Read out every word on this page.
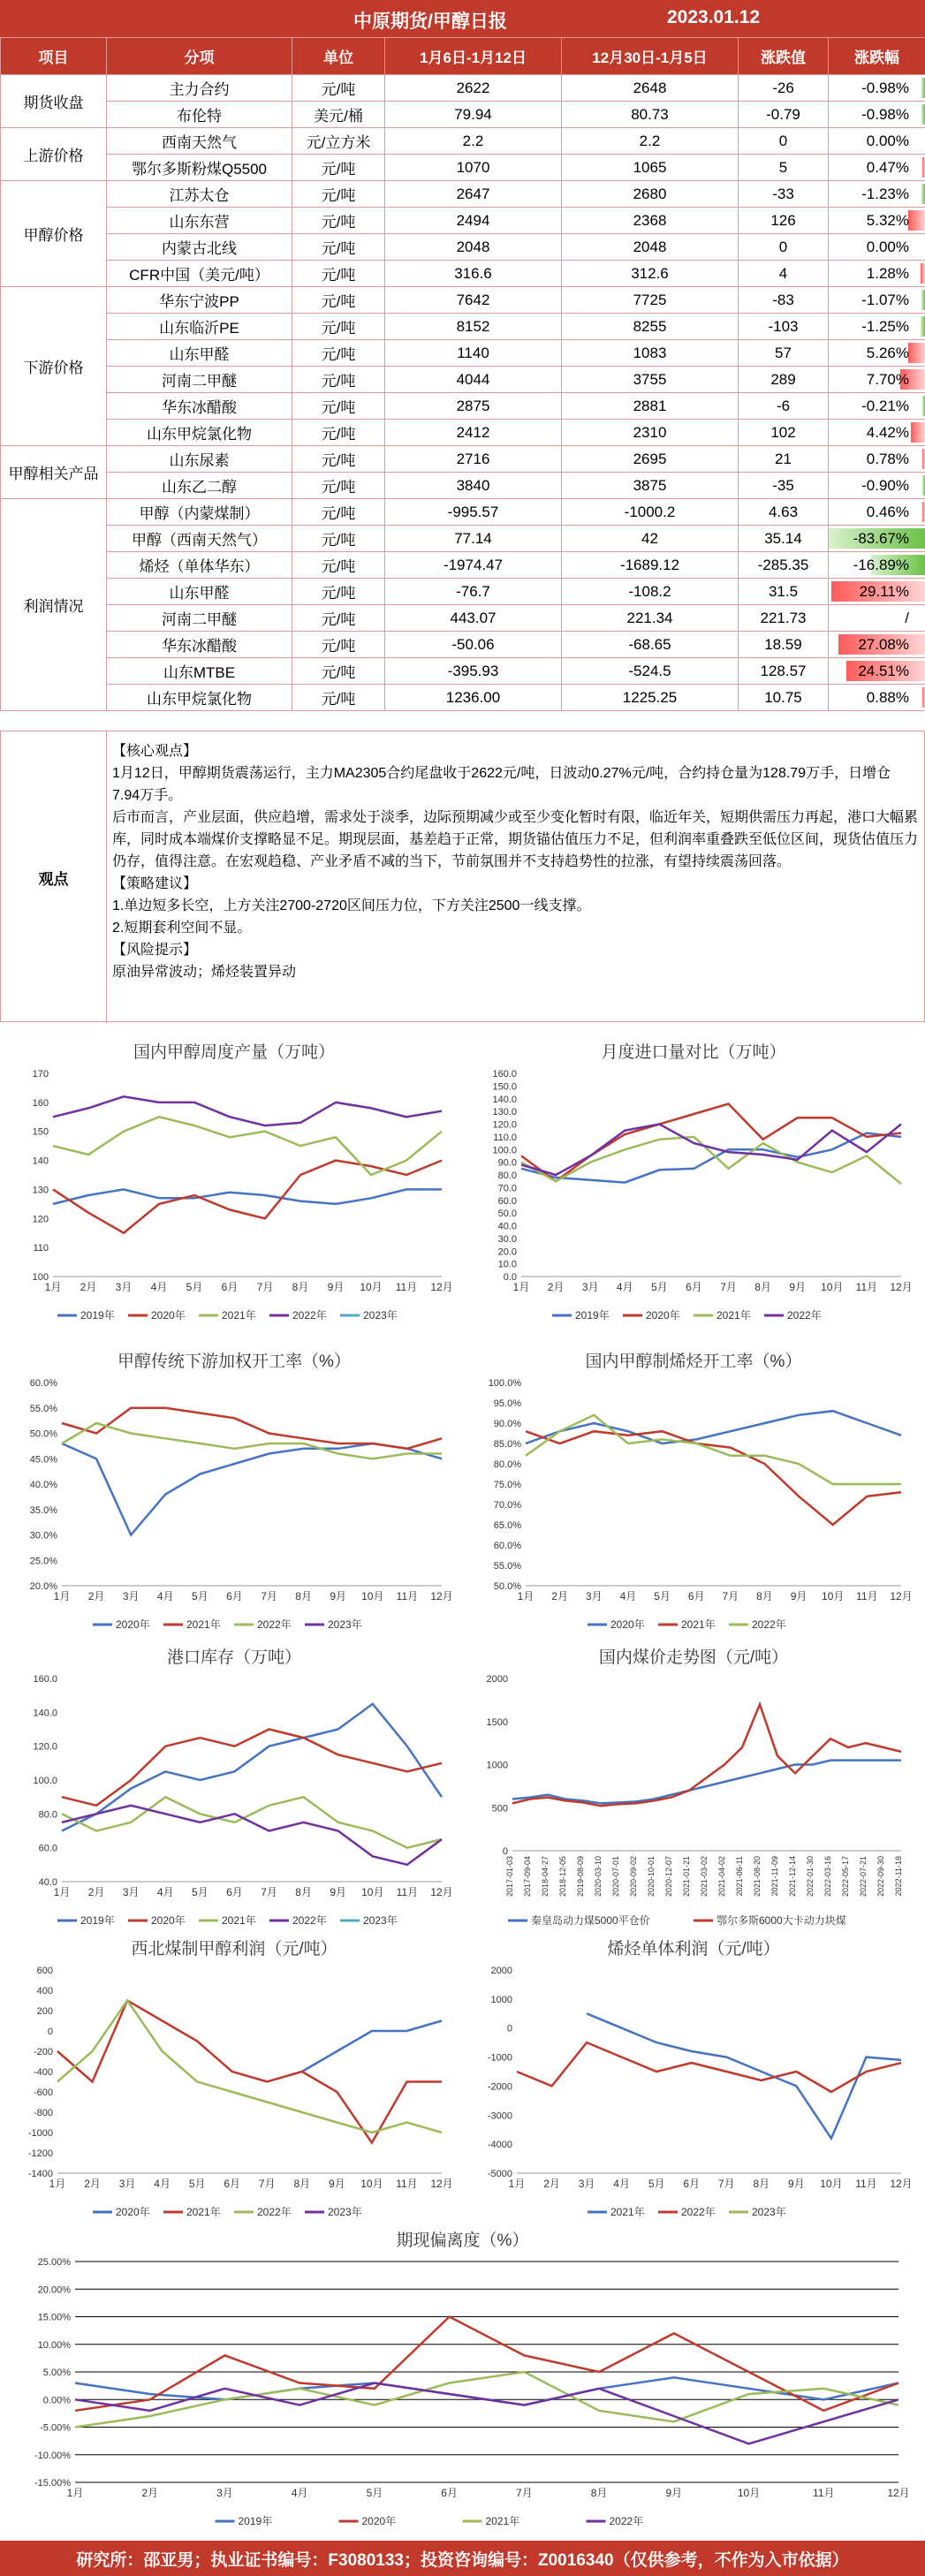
中原期货/甲醇日报	2023.01.12
项目	分项	单位	1月6日-1月12日	12月30日-1月5日	涨跌值	涨跌幅
期货收盘	主力合约	元/吨	2622	2648	-26	-0.98%
	布伦特	美元/桶	79.94	80.73	-0.79	-0.98%
上游价格	西南天然气	元/立方米	2.2	2.2	0	0.00%
	鄂尔多斯粉煤Q5500	元/吨	1070	1065	5	0.47%
甲醇价格	江苏太仓	元/吨	2647	2680	-33	-1.23%
	山东东营	元/吨	2494	2368	126	5.32%
	内蒙古北线	元/吨	2048	2048	0	0.00%
	CFR中国（美元/吨）	元/吨	316.6	312.6	4	1.28%
下游价格	华东宁波PP	元/吨	7642	7725	-83	-1.07%
	山东临沂PE	元/吨	8152	8255	-103	-1.25%
	山东甲醛	元/吨	1140	1083	57	5.26%
	河南二甲醚	元/吨	4044	3755	289	7.70%
	华东冰醋酸	元/吨	2875	2881	-6	-0.21%
	山东甲烷氯化物	元/吨	2412	2310	102	4.42%
甲醇相关产品	山东尿素	元/吨	2716	2695	21	0.78%
	山东乙二醇	元/吨	3840	3875	-35	-0.90%
利润情况	甲醇（内蒙煤制）	元/吨	-995.57	-1000.2	4.63	0.46%
	甲醇（西南天然气）	元/吨	77.14	42	35.14	-83.67%
	烯烃（单体华东）	元/吨	-1974.47	-1689.12	-285.35	-16.89%
	山东甲醛	元/吨	-76.7	-108.2	31.5	29.11%
	河南二甲醚	元/吨	443.07	221.34	221.73	/
	华东冰醋酸	元/吨	-50.06	-68.65	18.59	27.08%
	山东MTBE	元/吨	-395.93	-524.5	128.57	24.51%
	山东甲烷氯化物	元/吨	1236.00	1225.25	10.75	0.88%
观点

【核心观点】

1月12日，甲醇期货震荡运行，主力MA2305合约尾盘收于2622元/吨，日波动0.27%元/吨，合约持仓量为128.79万手，日增仓7.94万手。

后市而言，产业层面，供应趋增，需求处于淡季，边际预期减少或至少变化暂时有限，临近年关，短期供需压力再起，港口大幅累库，同时成本端煤价支撑略显不足。期现层面，基差趋于正常，期货锚估值压力不足，但利润率重叠跌至低位区间，现货估值压力仍存，值得注意。在宏观趋稳、产业矛盾不减的当下，节前氛围并不支持趋势性的拉涨，有望持续震荡回落。

【策略建议】

1.单边短多长空，上方关注2700-2720区间压力位，下方关注2500一线支撑。

2.短期套利空间不显。

【风险提示】

原油异常波动；烯烃装置异动

国内甲醇周度产量（万吨）
100
110
120
130
140
150
160
170
1月 2月 3月 4月 5月 6月 7月 8月 9月 10月 11月 12月
2019年	2020年	2021年	2022年	2023年
月度进口量对比（万吨）
0.0
10.0
20.0
30.0
40.0
50.0
60.0
70.0
80.0
90.0
100.0
110.0
120.0
130.0
140.0
150.0
160.0
1月 2月 3月 4月 5月 6月 7月 8月 9月 10月 11月 12月
2019年	2020年	2021年	2022年
甲醇传统下游加权开工率（%）
20.0%
25.0%
30.0%
35.0%
40.0%
45.0%
50.0%
55.0%
60.0%
1月 2月 3月 4月 5月 6月 7月 8月 9月 10月 11月 12月
2020年	2021年	2022年	2023年
国内甲醇制烯烃开工率（%）
50.0%
55.0%
60.0%
65.0%
70.0%
75.0%
80.0%
85.0%
90.0%
95.0%
100.0%
1月 2月 3月 4月 5月 6月 7月 8月 9月 10月 11月 12月
2020年	2021年	2022年
港口库存（万吨）
40.0
60.0
80.0
100.0
120.0
140.0
160.0
1月 2月 3月 4月 5月 6月 7月 8月 9月 10月 11月 12月
2019年	2020年	2021年	2022年	2023年
国内煤价走势图（元/吨）
0
500
1000
1500
2000
2017-01-03 2017-09-04 2018-04-27 2018-12-05 2019-08-09 2020-03-10 2020-07-01 2020-09-02 2020-10-01 2020-12-07 2021-01-21 2021-03-02 2021-04-02 2021-06-11 2021-08-20 2021-11-09 2021-12-14 2022-01-30 2022-03-16 2022-05-17 2022-07-21 2022-09-30 2022-11-18
秦皇岛动力煤5000平仓价	鄂尔多斯6000大卡动力块煤
西北煤制甲醇利润（元/吨）
-1400
-1200
-1000
-800
-600
-400
-200
0
200
400
600
1月 2月 3月 4月 5月 6月 7月 8月 9月 10月 11月 12月
2020年	2021年	2022年	2023年
烯烃单体利润（元/吨）
-5000
-4000
-3000
-2000
-1000
0
1000
2000
1月 2月 3月 4月 5月 6月 7月 8月 9月 10月 11月 12月
2021年	2022年	2023年
期现偏离度（%）
-15.00%
-10.00%
-5.00%
0.00%
5.00%
10.00%
15.00%
20.00%
25.00%
1月	2月	3月	4月	5月	6月	7月	8月	9月	10月	11月	12月
2019年	2020年	2021年	2022年
研究所：邵亚男；执业证书编号：F3080133；投资咨询编号：Z0016340（仅供参考，不作为入市依据）
